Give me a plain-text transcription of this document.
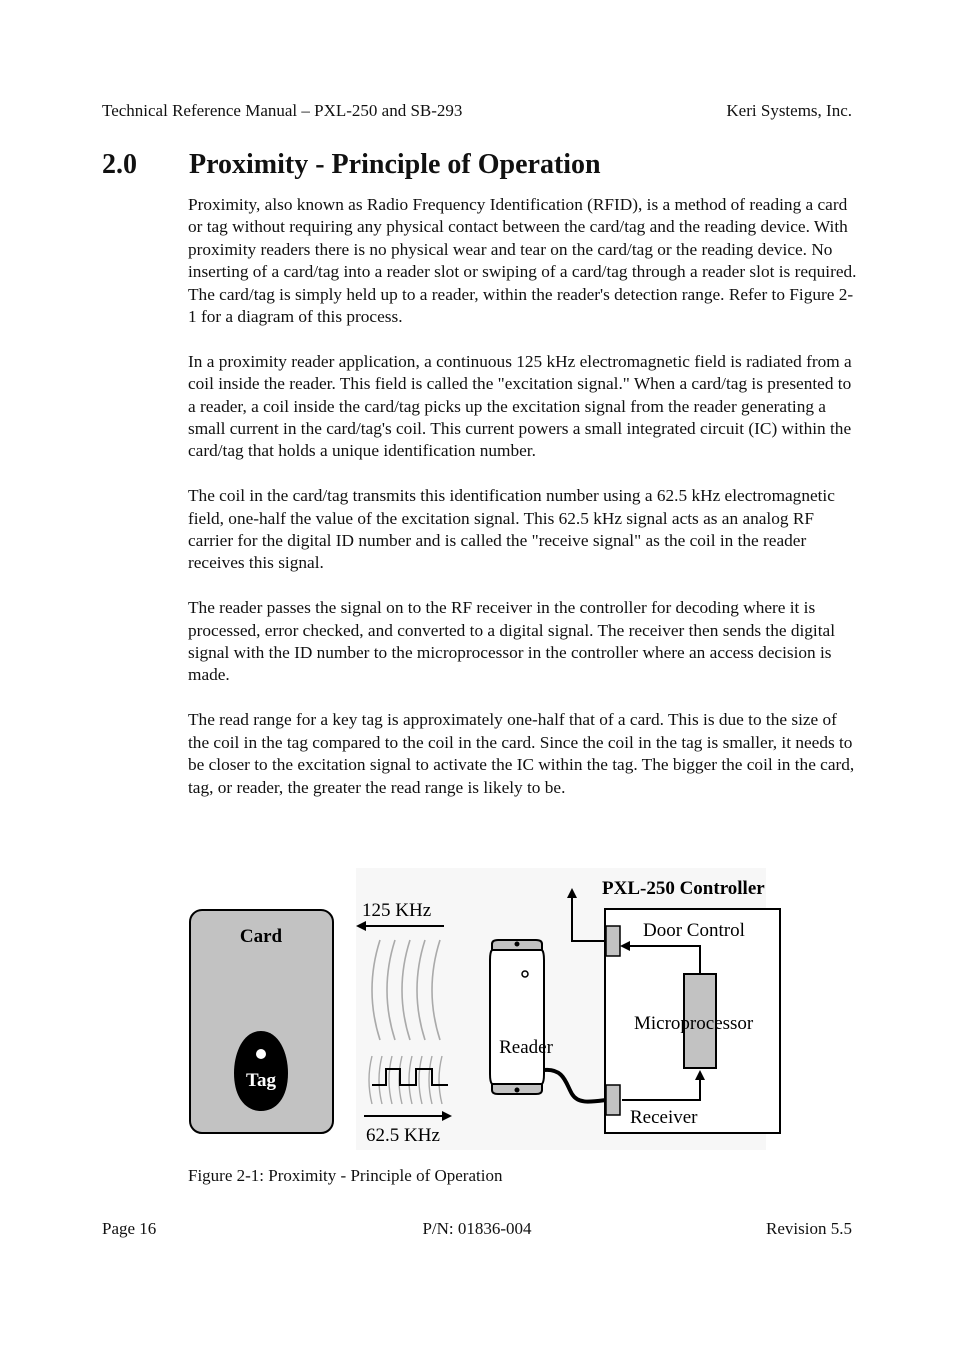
Technical Reference Manual – PXL-250 and SB-293	Keri Systems, Inc.
2.0	Proximity - Principle of Operation

Proximity, also known as Radio Frequency Identification (RFID), is a method of reading a card or tag without requiring any physical contact between the card/tag and the reading device. With proximity readers there is no physical wear and tear on the card/tag or the reading device. No inserting of a card/tag into a reader slot or swiping of a card/tag through a reader slot is required. The card/tag is simply held up to a reader, within the reader's detection range. Refer to Figure 2-1 for a diagram of this process.

In a proximity reader application, a continuous 125 kHz electromagnetic field is radiated from a coil inside the reader. This field is called the "excitation signal." When a card/tag is presented to a reader, a coil inside the card/tag picks up the excitation signal from the reader generating a small current in the card/tag's coil. This current powers a small integrated circuit (IC) within the card/tag that holds a unique identification number.

The coil in the card/tag transmits this identification number using a 62.5 kHz electromagnetic field, one-half the value of the excitation signal. This 62.5 kHz signal acts as an analog RF carrier for the digital ID number and is called the "receive signal" as the coil in the reader receives this signal.

The reader passes the signal on to the RF receiver in the controller for decoding where it is processed, error checked, and converted to a digital signal. The receiver then sends the digital signal with the ID number to the microprocessor in the controller where an access decision is made.

The read range for a key tag is approximately one-half that of a card. This is due to the size of the coil in the tag compared to the coil in the card. Since the coil in the tag is smaller, it needs to be closer to the excitation signal to activate the IC within the tag. The bigger the coil in the card, tag, or reader, the greater the read range is likely to be.

Card
Tag
125 KHz
62.5 KHz
Reader
PXL-250 Controller
Door Control
Microprocessor
Receiver
Figure 2-1: Proximity - Principle of Operation
Page 16	P/N: 01836-004	Revision 5.5
